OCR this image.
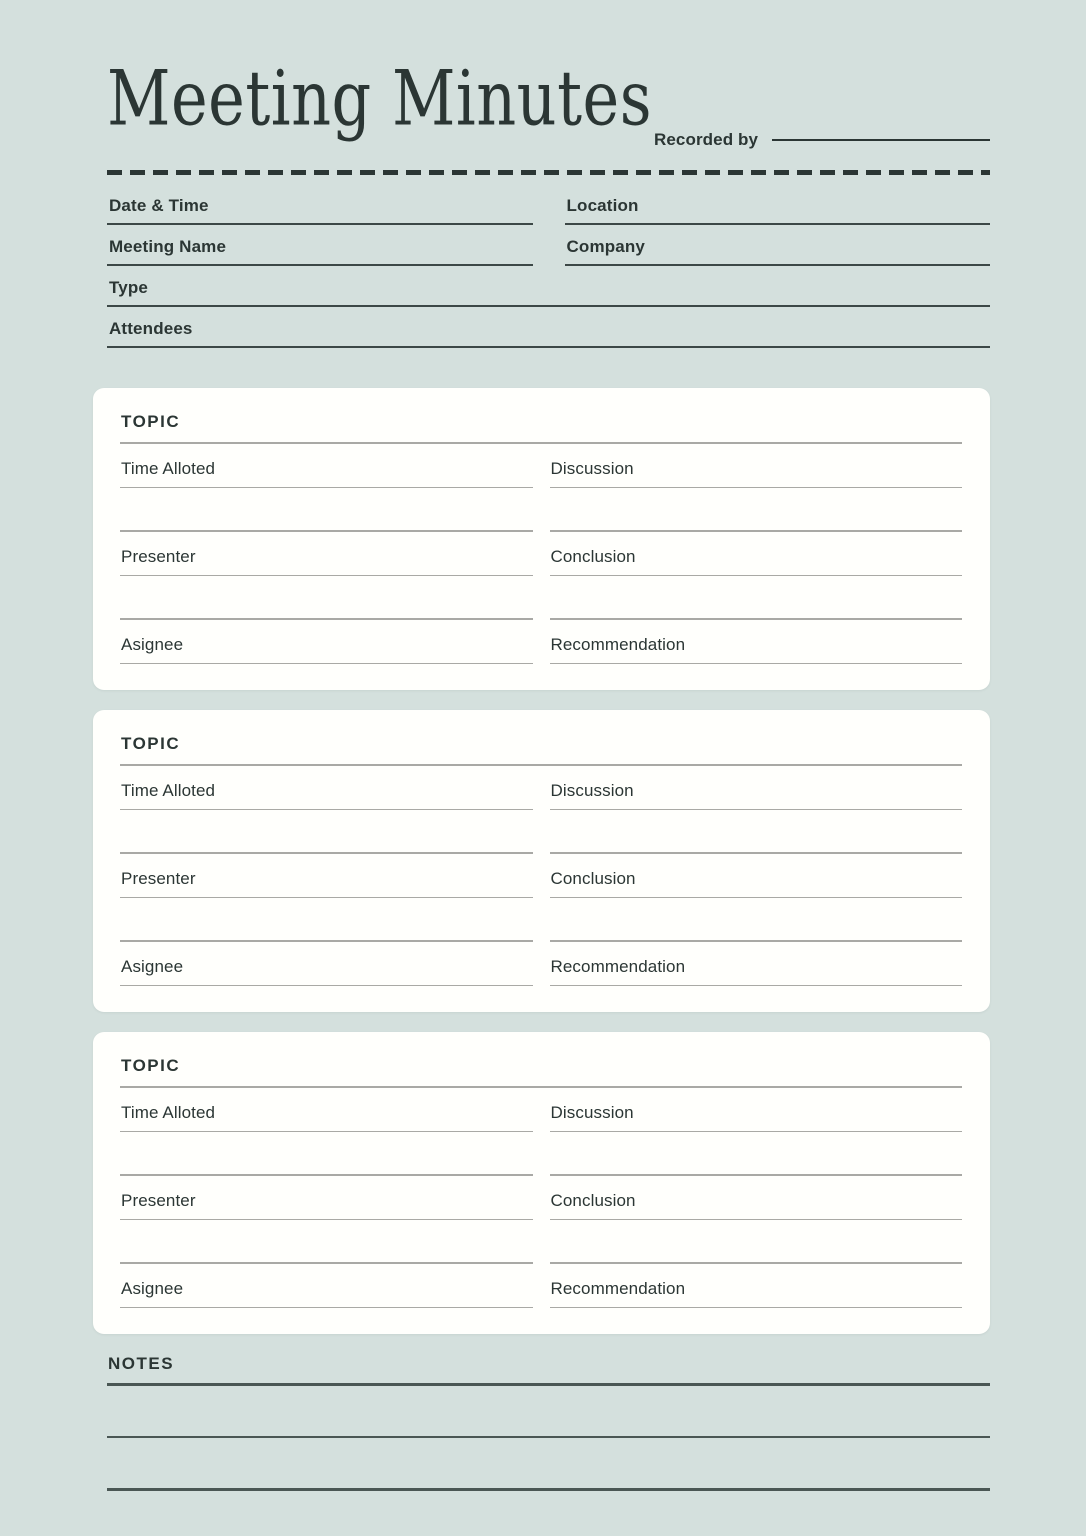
Meeting Minutes Recorded by
Date & Time	Location
Meeting Name	Company
Type
Attendees
TOPIC
Time Alloted
Presenter
Asignee
Discussion
Conclusion
Recommendation
TOPIC
Time Alloted
Presenter
Asignee
Discussion
Conclusion
Recommendation
TOPIC
Time Alloted
Presenter
Asignee
Discussion
Conclusion
Recommendation
NOTES
